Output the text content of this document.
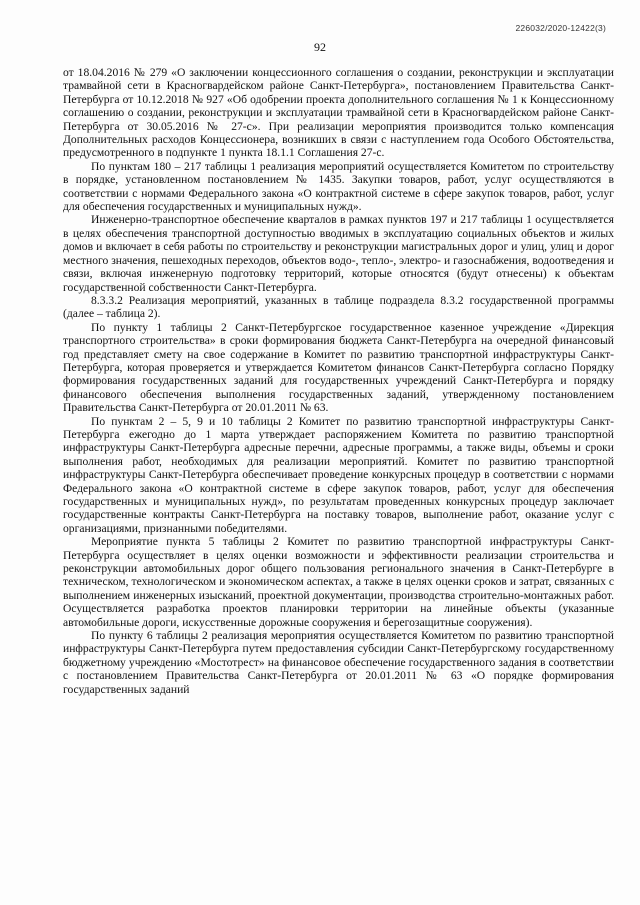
226032/2020-12422(3)
92

от 18.04.2016 № 279 «О заключении концессионного соглашения о создании, реконструкции и эксплуатации трамвайной сети в Красногвардейском районе Санкт-Петербурга», постановлением Правительства Санкт-Петербурга от 10.12.2018 № 927 «Об одобрении проекта дополнительного соглашения № 1 к Концессионному соглашению о создании, реконструкции и эксплуатации трамвайной сети в Красногвардейском районе Санкт-Петербурга от 30.05.2016 № 27-с». При реализации мероприятия производится только компенсация Дополнительных расходов Концессионера, возникших в связи с наступлением года Особого Обстоятельства, предусмотренного в подпункте 1 пункта 18.1.1 Соглашения 27-с.

По пунктам 180 – 217 таблицы 1 реализация мероприятий осуществляется Комитетом по строительству в порядке, установленном постановлением № 1435. Закупки товаров, работ, услуг осуществляются в соответствии с нормами Федерального закона «О контрактной системе в сфере закупок товаров, работ, услуг для обеспечения государственных и муниципальных нужд».

Инженерно-транспортное обеспечение кварталов в рамках пунктов 197 и 217 таблицы 1 осуществляется в целях обеспечения транспортной доступностью вводимых в эксплуатацию социальных объектов и жилых домов и включает в себя работы по строительству и реконструкции магистральных дорог и улиц, улиц и дорог местного значения, пешеходных переходов, объектов водо-, тепло-, электро- и газоснабжения, водоотведения и связи, включая инженерную подготовку территорий, которые относятся (будут отнесены) к объектам государственной собственности Санкт-Петербурга.

8.3.3.2 Реализация мероприятий, указанных в таблице подраздела 8.3.2 государственной программы (далее – таблица 2).

По пункту 1 таблицы 2 Санкт-Петербургское государственное казенное учреждение «Дирекция транспортного строительства» в сроки формирования бюджета Санкт-Петербурга на очередной финансовый год представляет смету на свое содержание в Комитет по развитию транспортной инфраструктуры Санкт-Петербурга, которая проверяется и утверждается Комитетом финансов Санкт-Петербурга согласно Порядку формирования государственных заданий для государственных учреждений Санкт-Петербурга и порядку финансового обеспечения выполнения государственных заданий, утвержденному постановлением Правительства Санкт-Петербурга от 20.01.2011 № 63.

По пунктам 2 – 5, 9 и 10 таблицы 2 Комитет по развитию транспортной инфраструктуры Санкт-Петербурга ежегодно до 1 марта утверждает распоряжением Комитета по развитию транспортной инфраструктуры Санкт-Петербурга адресные перечни, адресные программы, а также виды, объемы и сроки выполнения работ, необходимых для реализации мероприятий. Комитет по развитию транспортной инфраструктуры Санкт-Петербурга обеспечивает проведение конкурсных процедур в соответствии с нормами Федерального закона «О контрактной системе в сфере закупок товаров, работ, услуг для обеспечения государственных и муниципальных нужд», по результатам проведенных конкурсных процедур заключает государственные контракты Санкт-Петербурга на поставку товаров, выполнение работ, оказание услуг с организациями, признанными победителями.

Мероприятие пункта 5 таблицы 2 Комитет по развитию транспортной инфраструктуры Санкт-Петербурга осуществляет в целях оценки возможности и эффективности реализации строительства и реконструкции автомобильных дорог общего пользования регионального значения в Санкт-Петербурге в техническом, технологическом и экономическом аспектах, а также в целях оценки сроков и затрат, связанных с выполнением инженерных изысканий, проектной документации, производства строительно-монтажных работ. Осуществляется разработка проектов планировки территории на линейные объекты (указанные автомобильные дороги, искусственные дорожные сооружения и берегозащитные сооружения).

По пункту 6 таблицы 2 реализация мероприятия осуществляется Комитетом по развитию транспортной инфраструктуры Санкт-Петербурга путем предоставления субсидии Санкт-Петербургскому государственному бюджетному учреждению «Мостотрест» на финансовое обеспечение государственного задания в соответствии с постановлением Правительства Санкт-Петербурга от 20.01.2011 № 63 «О порядке формирования государственных заданий
